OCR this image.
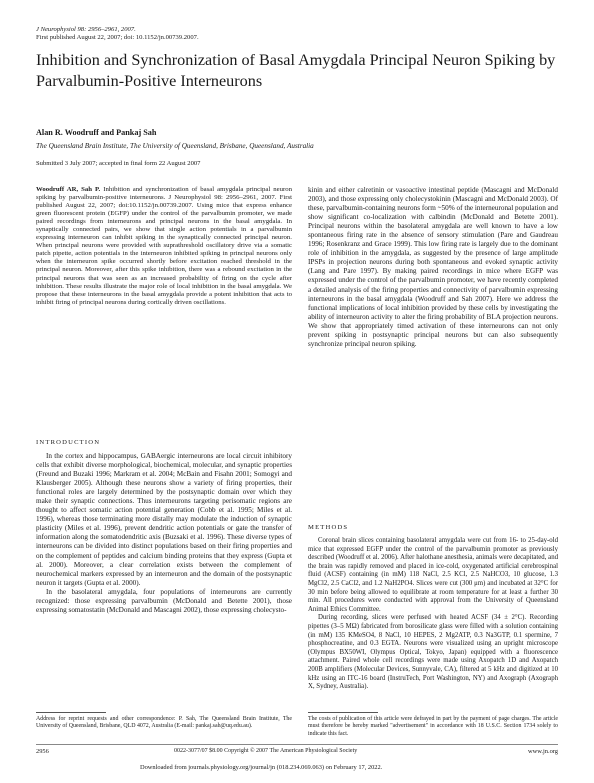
J Neurophysiol 98: 2956–2961, 2007.
First published August 22, 2007; doi: 10.1152/jn.00739.2007.
Inhibition and Synchronization of Basal Amygdala Principal Neuron Spiking by Parvalbumin-Positive Interneurons
Alan R. Woodruff and Pankaj Sah
The Queensland Brain Institute, The University of Queensland, Brisbane, Queensland, Australia
Submitted 3 July 2007; accepted in final form 22 August 2007
Woodruff AR, Sah P. Inhibition and synchronization of basal amygdala principal neuron spiking by parvalbumin-positive interneurons. J Neurophysiol 98: 2956–2961, 2007. First published August 22, 2007; doi:10.1152/jn.00739.2007. Using mice that express enhance green fluorescent protein (EGFP) under the control of the parvalbumin promoter, we made paired recordings from interneurons and principal neurons in the basal amygdala. In synaptically connected pairs, we show that single action potentials in a parvalbumin expressing interneuron can inhibit spiking in the synaptically connected principal neuron. When principal neurons were provided with suprathreshold oscillatory drive via a somatic patch pipette, action potentials in the interneuron inhibited spiking in principal neurons only when the interneuron spike occurred shortly before excitation reached threshold in the principal neuron. Moreover, after this spike inhibition, there was a rebound excitation in the principal neurons that was seen as an increased probability of firing on the cycle after inhibition. These results illustrate the major role of local inhibition in the basal amygdala. We propose that these interneurons in the basal amygdala provide a potent inhibition that acts to inhibit firing of principal neurons during cortically driven oscillations.
INTRODUCTION

In the cortex and hippocampus, GABAergic interneurons are local circuit inhibitory cells that exhibit diverse morphological, biochemical, molecular, and synaptic properties (Freund and Buzaki 1996; Markram et al. 2004; McBain and Fisahn 2001; Somogyi and Klausberger 2005). Although these neurons show a variety of firing properties, their functional roles are largely determined by the postsynaptic domain over which they make their synaptic connections. Thus interneurons targeting perisomatic regions are thought to affect somatic action potential generation (Cobb et al. 1995; Miles et al. 1996), whereas those terminating more distally may modulate the induction of synaptic plasticity (Miles et al. 1996), prevent dendritic action potentials or gate the transfer of information along the somatodendritic axis (Buzsaki et al. 1996). These diverse types of interneurons can be divided into distinct populations based on their firing properties and on the complement of peptides and calcium binding proteins that they express (Gupta et al. 2000). Moreover, a clear correlation exists between the complement of neurochemical markers expressed by an interneuron and the domain of the postsynaptic neuron it targets (Gupta et al. 2000).

In the basolateral amygdala, four populations of interneurons are currently recognized: those expressing parvalbumin (McDonald and Betette 2001), those expressing somatostatin (McDonald and Mascagni 2002), those expressing cholecysto-

kinin and either calretinin or vasoactive intestinal peptide (Mascagni and McDonald 2003), and those expressing only cholecystokinin (Mascagni and McDonald 2003). Of these, parvalbumin-containing neurons form ~50% of the interneuronal population and show significant co-localization with calbindin (McDonald and Betette 2001). Principal neurons within the basolateral amygdala are well known to have a low spontaneous firing rate in the absence of sensory stimulation (Pare and Gaudreau 1996; Rosenkranz and Grace 1999). This low firing rate is largely due to the dominant role of inhibition in the amygdala, as suggested by the presence of large amplitude IPSPs in projection neurons during both spontaneous and evoked synaptic activity (Lang and Pare 1997). By making paired recordings in mice where EGFP was expressed under the control of the parvalbumin promoter, we have recently completed a detailed analysis of the firing properties and connectivity of parvalbumin expressing interneurons in the basal amygdala (Woodruff and Sah 2007). Here we address the functional implications of local inhibition provided by these cells by investigating the ability of interneuron activity to alter the firing probability of BLA projection neurons. We show that appropriately timed activation of these interneurons can not only prevent spiking in postsynaptic principal neurons but can also subsequently synchronize principal neuron spiking.
METHODS

Coronal brain slices containing basolateral amygdala were cut from 16- to 25-day-old mice that expressed EGFP under the control of the parvalbumin promoter as previously described (Woodruff et al. 2006). After halothane anesthesia, animals were decapitated, and the brain was rapidly removed and placed in ice-cold, oxygenated artificial cerebrospinal fluid (ACSF) containing (in mM) 118 NaCl, 2.5 KCl, 2.5 NaHCO3, 10 glucose, 1.3 MgCl2, 2.5 CaCl2, and 1.2 NaH2PO4. Slices were cut (300 μm) and incubated at 32°C for 30 min before being allowed to equilibrate at room temperature for at least a further 30 min. All procedures were conducted with approval from the University of Queensland Animal Ethics Committee.

During recording, slices were perfused with heated ACSF (34 ± 2°C). Recording pipettes (3–5 MΩ) fabricated from borosilicate glass were filled with a solution containing (in mM) 135 KMeSO4, 8 NaCl, 10 HEPES, 2 Mg2ATP, 0.3 Na3GTP, 0.1 spermine, 7 phosphocreatine, and 0.3 EGTA. Neurons were visualized using an upright microscope (Olympus BX50WI, Olympus Optical, Tokyo, Japan) equipped with a fluorescence attachment. Paired whole cell recordings were made using Axopatch 1D and Axopatch 200B amplifiers (Molecular Devices, Sunnyvale, CA), filtered at 5 kHz and digitized at 10 kHz using an ITC-16 board (InstruTech, Port Washington, NY) and Axograph (Axograph X, Sydney, Australia).

Address for reprint requests and other correspondence: P. Sah, The Queensland Brain Institute, The University of Queensland, Brisbane, QLD 4072, Australia (E-mail: pankaj.sah@uq.edu.au).
The costs of publication of this article were defrayed in part by the payment of page charges. The article must therefore be hereby marked "advertisement" in accordance with 18 U.S.C. Section 1734 solely to indicate this fact.
2956	0022-3077/07 $8.00 Copyright © 2007 The American Physiological Society	www.jn.org
Downloaded from journals.physiology.org/journal/jn (018.234.069.063) on February 17, 2022.
